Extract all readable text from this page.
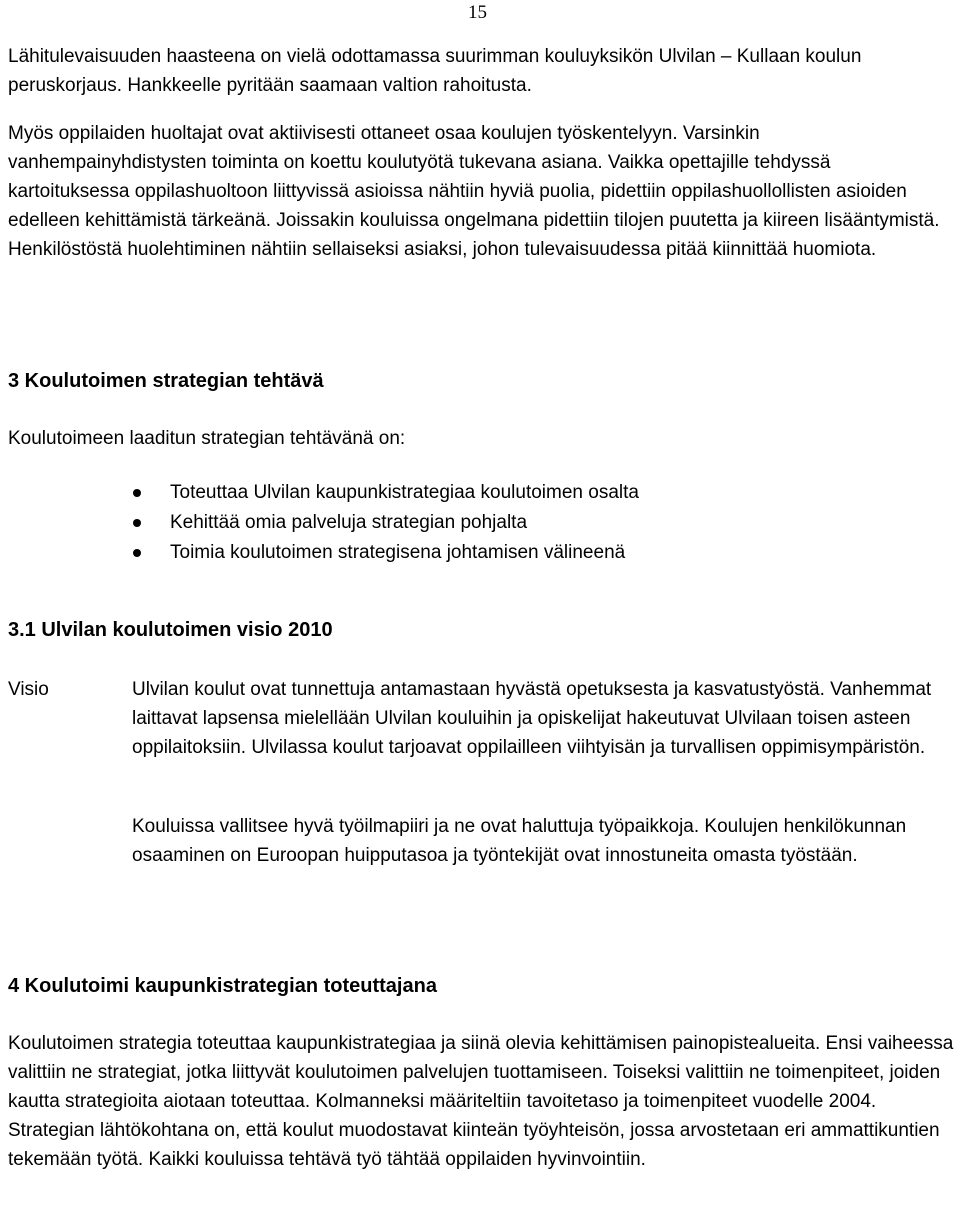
15

Lähitulevaisuuden haasteena on vielä odottamassa suurimman kouluyksikön Ulvilan – Kullaan koulun peruskorjaus. Hankkeelle pyritään saamaan valtion rahoitusta.

Myös oppilaiden huoltajat ovat aktiivisesti ottaneet osaa koulujen työskentelyyn. Varsinkin vanhempainyhdistysten toiminta on koettu koulutyötä tukevana asiana. Vaikka opettajille tehdyssä kartoituksessa oppilashuoltoon liittyvissä asioissa nähtiin hyviä puolia, pidettiin oppilashuollollisten asioiden edelleen kehittämistä tärkeänä. Joissakin kouluissa ongelmana pidettiin tilojen puutetta ja kiireen lisääntymistä. Henkilöstöstä huolehtiminen nähtiin sellaiseksi asiaksi, johon tulevaisuudessa pitää kiinnittää huomiota.

3 Koulutoimen strategian tehtävä

Koulutoimeen laaditun strategian tehtävänä on:

Toteuttaa Ulvilan kaupunkistrategiaa koulutoimen osalta
Kehittää omia palveluja strategian pohjalta
Toimia koulutoimen strategisena johtamisen välineenä
3.1 Ulvilan koulutoimen visio 2010

Visio	Ulvilan koulut ovat tunnettuja antamastaan hyvästä opetuksesta ja kasvatustyöstä. Vanhemmat laittavat lapsensa mielellään Ulvilan kouluihin ja opiskelijat hakeutuvat Ulvilaan toisen asteen oppilaitoksiin. Ulvilassa koulut tarjoavat oppilailleen viihtyisän ja turvallisen oppimisympäristön.

Kouluissa vallitsee hyvä työilmapiiri ja ne ovat haluttuja työpaikkoja. Koulujen henkilökunnan osaaminen on Euroopan huipputasoa ja työntekijät ovat innostuneita omasta työstään.

4 Koulutoimi kaupunkistrategian toteuttajana

Koulutoimen strategia toteuttaa kaupunkistrategiaa ja siinä olevia kehittämisen painopistealueita. Ensi vaiheessa valittiin ne strategiat, jotka liittyvät koulutoimen palvelujen tuottamiseen. Toiseksi valittiin ne toimenpiteet, joiden kautta strategioita aiotaan toteuttaa. Kolmanneksi määriteltiin tavoitetaso ja toimenpiteet vuodelle 2004. Strategian lähtökohtana on, että koulut muodostavat kiinteän työyhteisön, jossa arvostetaan eri ammattikuntien tekemään työtä. Kaikki kouluissa tehtävä työ tähtää oppilaiden hyvinvointiin.
